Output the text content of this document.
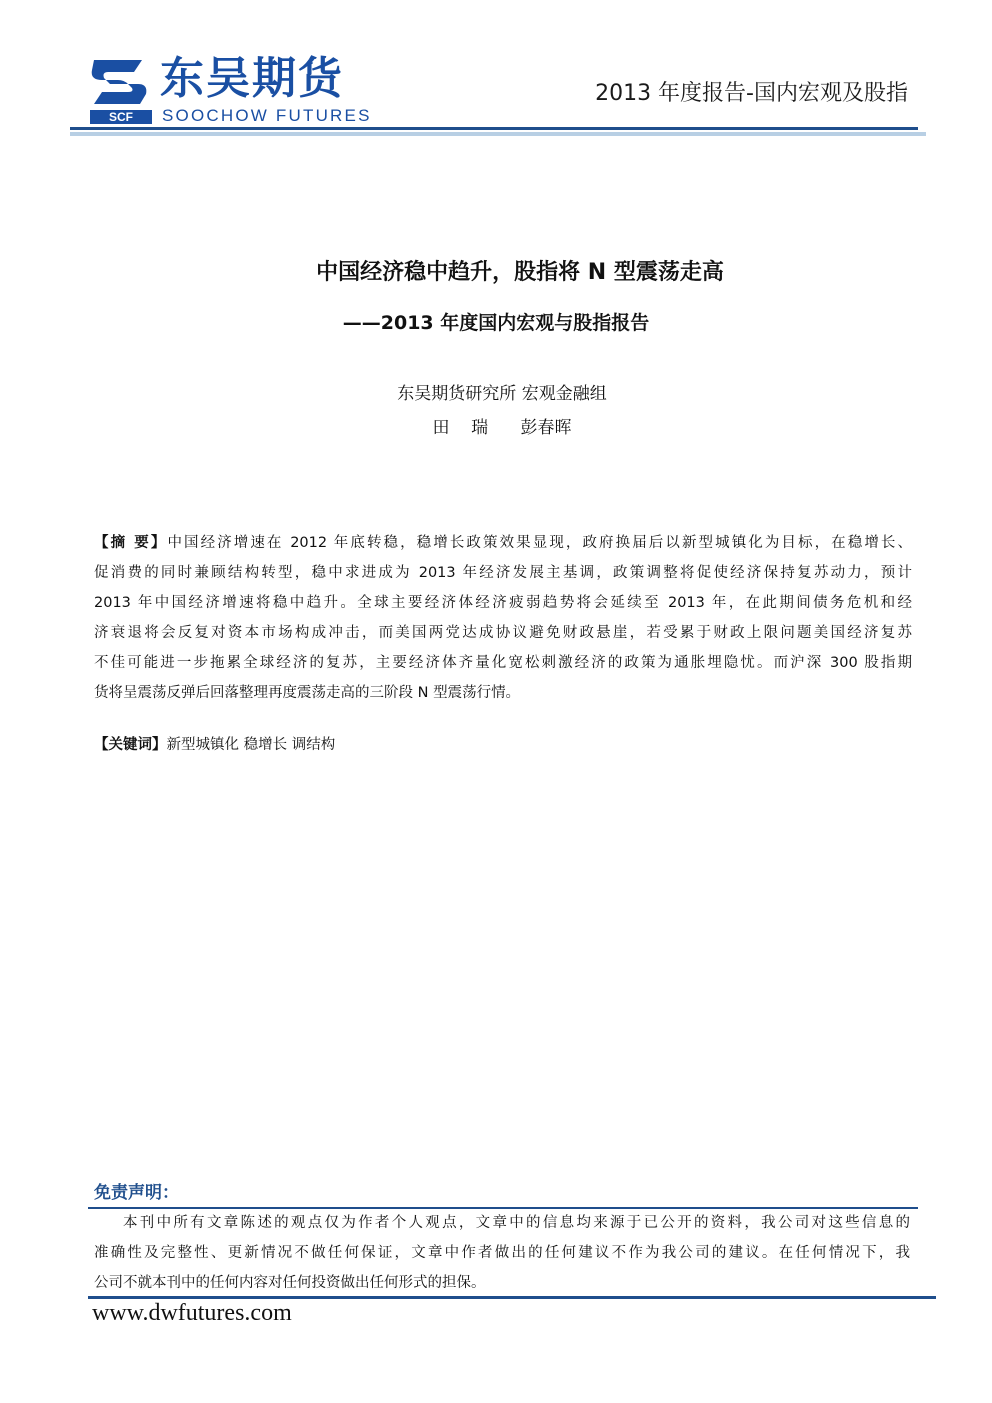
SCF
东吴期货
SOOCHOW FUTURES
2013 年度报告-国内宏观及股指
中国经济稳中趋升，股指将 N 型震荡走高
——2013 年度国内宏观与股指报告
东吴期货研究所 宏观金融组
田    瑞      彭春晖
【摘 要】中国经济增速在 2012 年底转稳，稳增长政策效果显现，政府换届后以新型城镇化为目标，在稳增长、
促消费的同时兼顾结构转型，稳中求进成为 2013 年经济发展主基调，政策调整将促使经济保持复苏动力，预计
2013 年中国经济增速将稳中趋升。全球主要经济体经济疲弱趋势将会延续至 2013 年，在此期间债务危机和经
济衰退将会反复对资本市场构成冲击，而美国两党达成协议避免财政悬崖，若受累于财政上限问题美国经济复苏
不佳可能进一步拖累全球经济的复苏，主要经济体齐量化宽松刺激经济的政策为通胀埋隐忧。而沪深 300 股指期
货将呈震荡反弹后回落整理再度震荡走高的三阶段 N 型震荡行情。
【关键词】新型城镇化 稳增长 调结构
免责声明：
本刊中所有文章陈述的观点仅为作者个人观点，文章中的信息均来源于已公开的资料，我公司对这些信息的
准确性及完整性、更新情况不做任何保证，文章中作者做出的任何建议不作为我公司的建议。在任何情况下，我
公司不就本刊中的任何内容对任何投资做出任何形式的担保。
www.dwfutures.com
